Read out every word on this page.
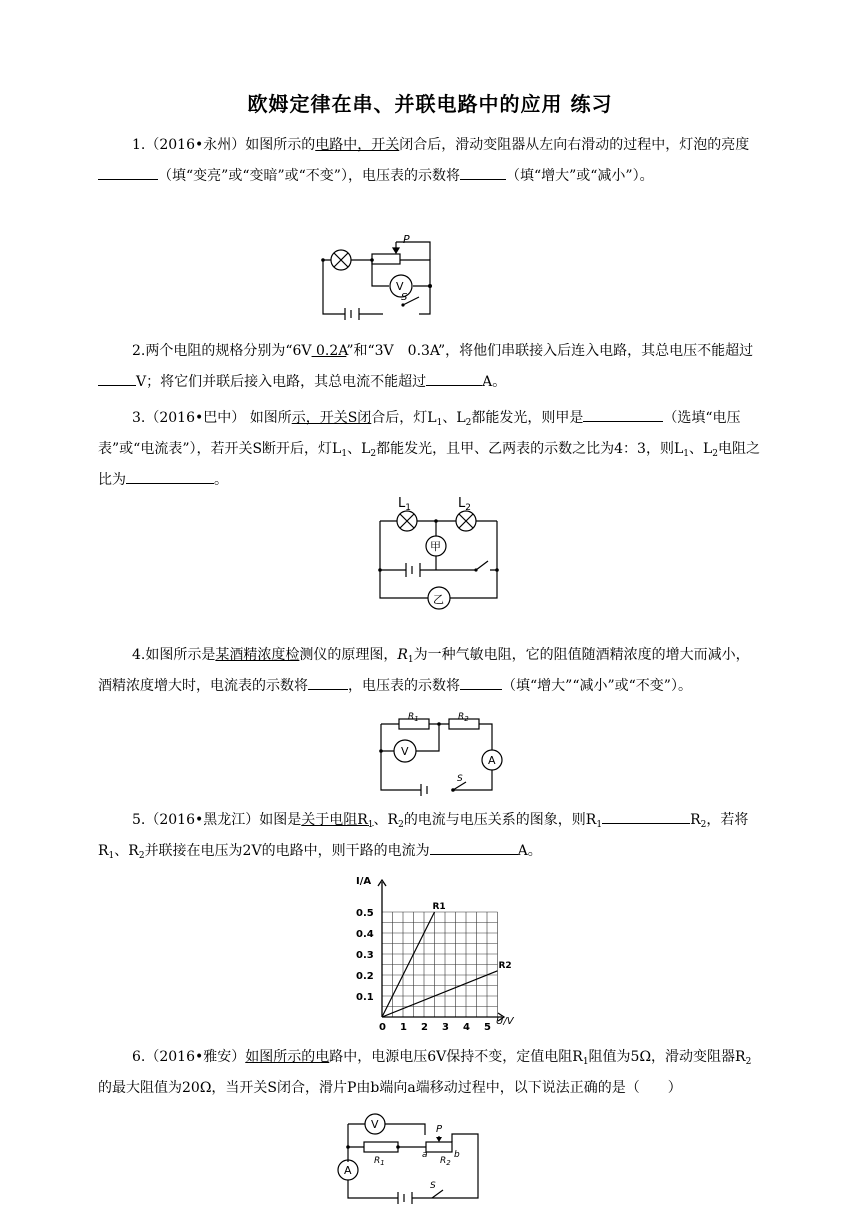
欧姆定律在串、并联电路中的应用 练习
1.（2016•永州）如图所示的电路中，开关闭合后，滑动变阻器从左向右滑动的过程中，灯泡的亮度（填“变亮”或“变暗”或“不变”），电压表的示数将	（填“增大”或“减小”）。
P
V
S
2.两个电阻的规格分别为“6V 0.2A”和“3V　0.3A”，将他们串联接入后连入电路，其总电压不能超过V；将它们并联后接入电路，其总电流不能超过	A。
3.（2016•巴中） 如图所示，开关S闭合后，灯$L_1$、$L_2$都能发光，则甲是	（选填“电压表”或“电流表”），若开关S断开后，灯$L_1$、$L_2$都能发光，且甲、乙两表的示数之比为4：3，则$L_1$、$L_2$电阻之比为	。
$L_1$	$L_2$
甲
乙
4.如图所示是某酒精浓度检测仪的原理图，$R_1$为一种气敏电阻，它的阻值随酒精浓度的增大而减小，酒精浓度增大时，电流表的示数将	，电压表的示数将	（填“增大”“减小”或“不变”）。
$R_1$	$R_2$
V
A
S
5.（2016•黑龙江）如图是关于电阻$R_1$、$R_2$的电流与电压关系的图象，则$R_1$	$R_2$，若将$R_1$、$R_2$并联接在电压为2V的电路中，则干路的电流为	A。
0 1 2 3 4 5
0.1
0.2
0.3
0.4
0.5
R1
R2
I/A
U/V
6.（2016•雅安）如图所示的电路中，电源电压6V保持不变，定值电阻$R_1$阻值为5Ω，滑动变阻器$R_2$的最大阻值为20Ω，当开关S闭合，滑片P由b端向a端移动过程中，以下说法正确的是（　　）
V
A
$R_1$	$R_2$
P
a	b
S
